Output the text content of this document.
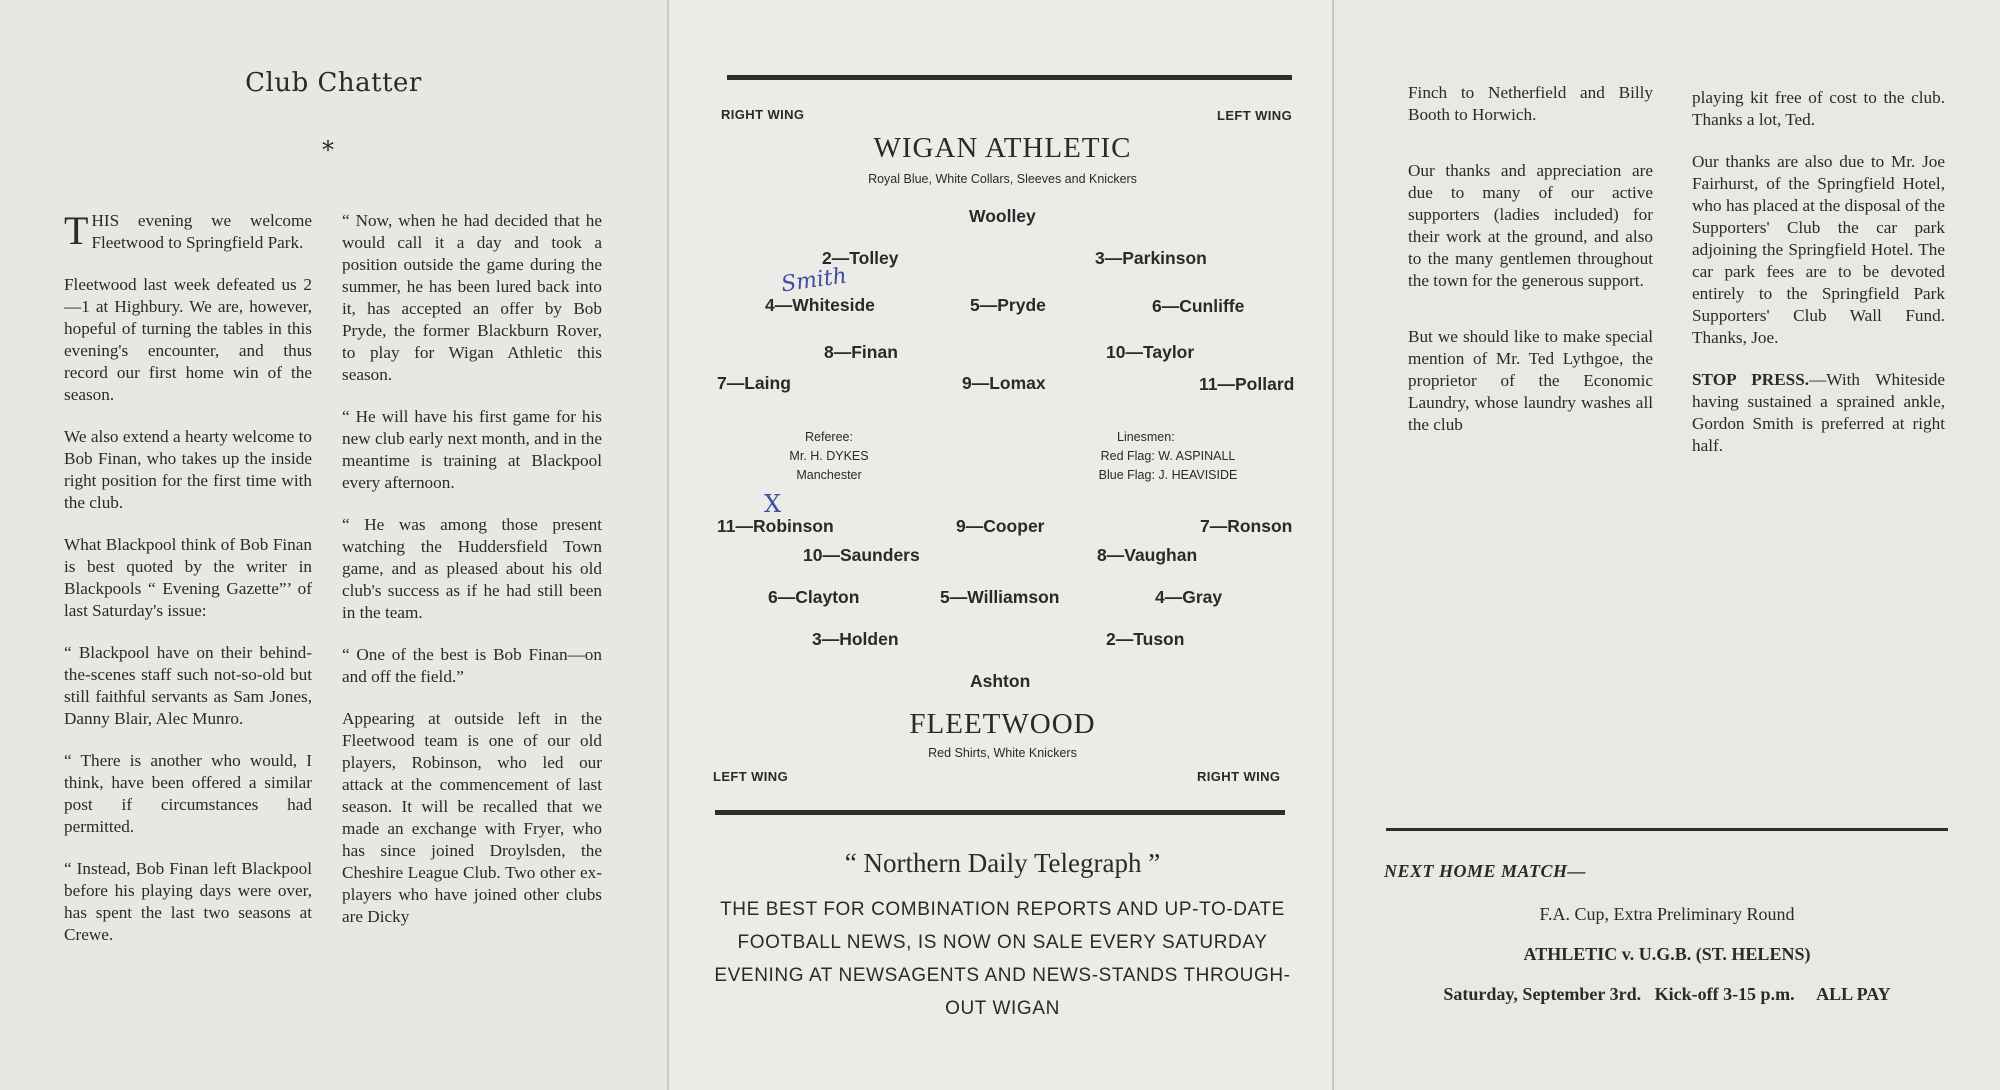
Club Chatter
*

THIS evening we welcome Fleetwood to Springfield Park.

Fleetwood last week defeated us 2—1 at Highbury. We are, however, hopeful of turning the tables in this evening's encounter, and thus record our first home win of the season.

We also extend a hearty welcome to Bob Finan, who takes up the inside right position for the first time with the club.

What Blackpool think of Bob Finan is best quoted by the writer in Blackpools “ Evening Gazette”’ of last Saturday's issue:

“ Blackpool have on their behind-the-scenes staff such not-so-old but still faithful servants as Sam Jones, Danny Blair, Alec Munro.

“ There is another who would, I think, have been offered a similar post if circumstances had permitted.

“ Instead, Bob Finan left Blackpool before his playing days were over, has spent the last two seasons at Crewe.

“ Now, when he had decided that he would call it a day and took a position outside the game during the summer, he has been lured back into it, has accepted an offer by Bob Pryde, the former Blackburn Rover, to play for Wigan Athletic this season.

“ He will have his first game for his new club early next month, and in the meantime is training at Blackpool every afternoon.

“ He was among those present watching the Huddersfield Town game, and as pleased about his old club's success as if he had still been in the team.

“ One of the best is Bob Finan—on and off the field.”

Appearing at outside left in the Fleetwood team is one of our old players, Robinson, who led our attack at the commencement of last season. It will be recalled that we made an exchange with Fryer, who has since joined Droylsden, the Cheshire League Club. Two other ex-players who have joined other clubs are Dicky

RIGHT WING	LEFT WING
WIGAN ATHLETIC
Royal Blue, White Collars, Sleeves and Knickers
Woolley
2—Tolley	3—Parkinson
4—Whiteside	5—Pryde	6—Cunliffe
8—Finan	10—Taylor
7—Laing	9—Lomax	11—Pollard
Smith
Referee:
Mr. H. DYKES
Manchester
Linesmen:
Red Flag: W. ASPINALL
Blue Flag: J. HEAVISIDE
X
11—Robinson	9—Cooper	7—Ronson
10—Saunders	8—Vaughan
6—Clayton	5—Williamson	4—Gray
3—Holden	2—Tuson
Ashton
FLEETWOOD
Red Shirts, White Knickers
LEFT WING	RIGHT WING
“ Northern Daily Telegraph ”
THE BEST FOR COMBINATION REPORTS AND UP-TO-DATE FOOTBALL NEWS, IS NOW ON SALE EVERY SATURDAY EVENING AT NEWSAGENTS AND NEWS-STANDS THROUGH-OUT WIGAN

Finch to Netherfield and Billy Booth to Horwich.

Our thanks and appreciation are due to many of our active supporters (ladies included) for their work at the ground, and also to the many gentlemen throughout the town for the generous support.

But we should like to make special mention of Mr. Ted Lythgoe, the proprietor of the Economic Laundry, whose laundry washes all the club

playing kit free of cost to the club. Thanks a lot, Ted.

Our thanks are also due to Mr. Joe Fairhurst, of the Springfield Hotel, who has placed at the disposal of the Supporters' Club the car park adjoining the Springfield Hotel. The car park fees are to be devoted entirely to the Springfield Park Supporters' Club Wall Fund. Thanks, Joe.

STOP PRESS.—With Whiteside having sustained a sprained ankle, Gordon Smith is preferred at right half.

NEXT HOME MATCH—
F.A. Cup, Extra Preliminary Round
ATHLETIC v. U.G.B. (ST. HELENS)
Saturday, September 3rd.   Kick-off 3-15 p.m.     ALL PAY
